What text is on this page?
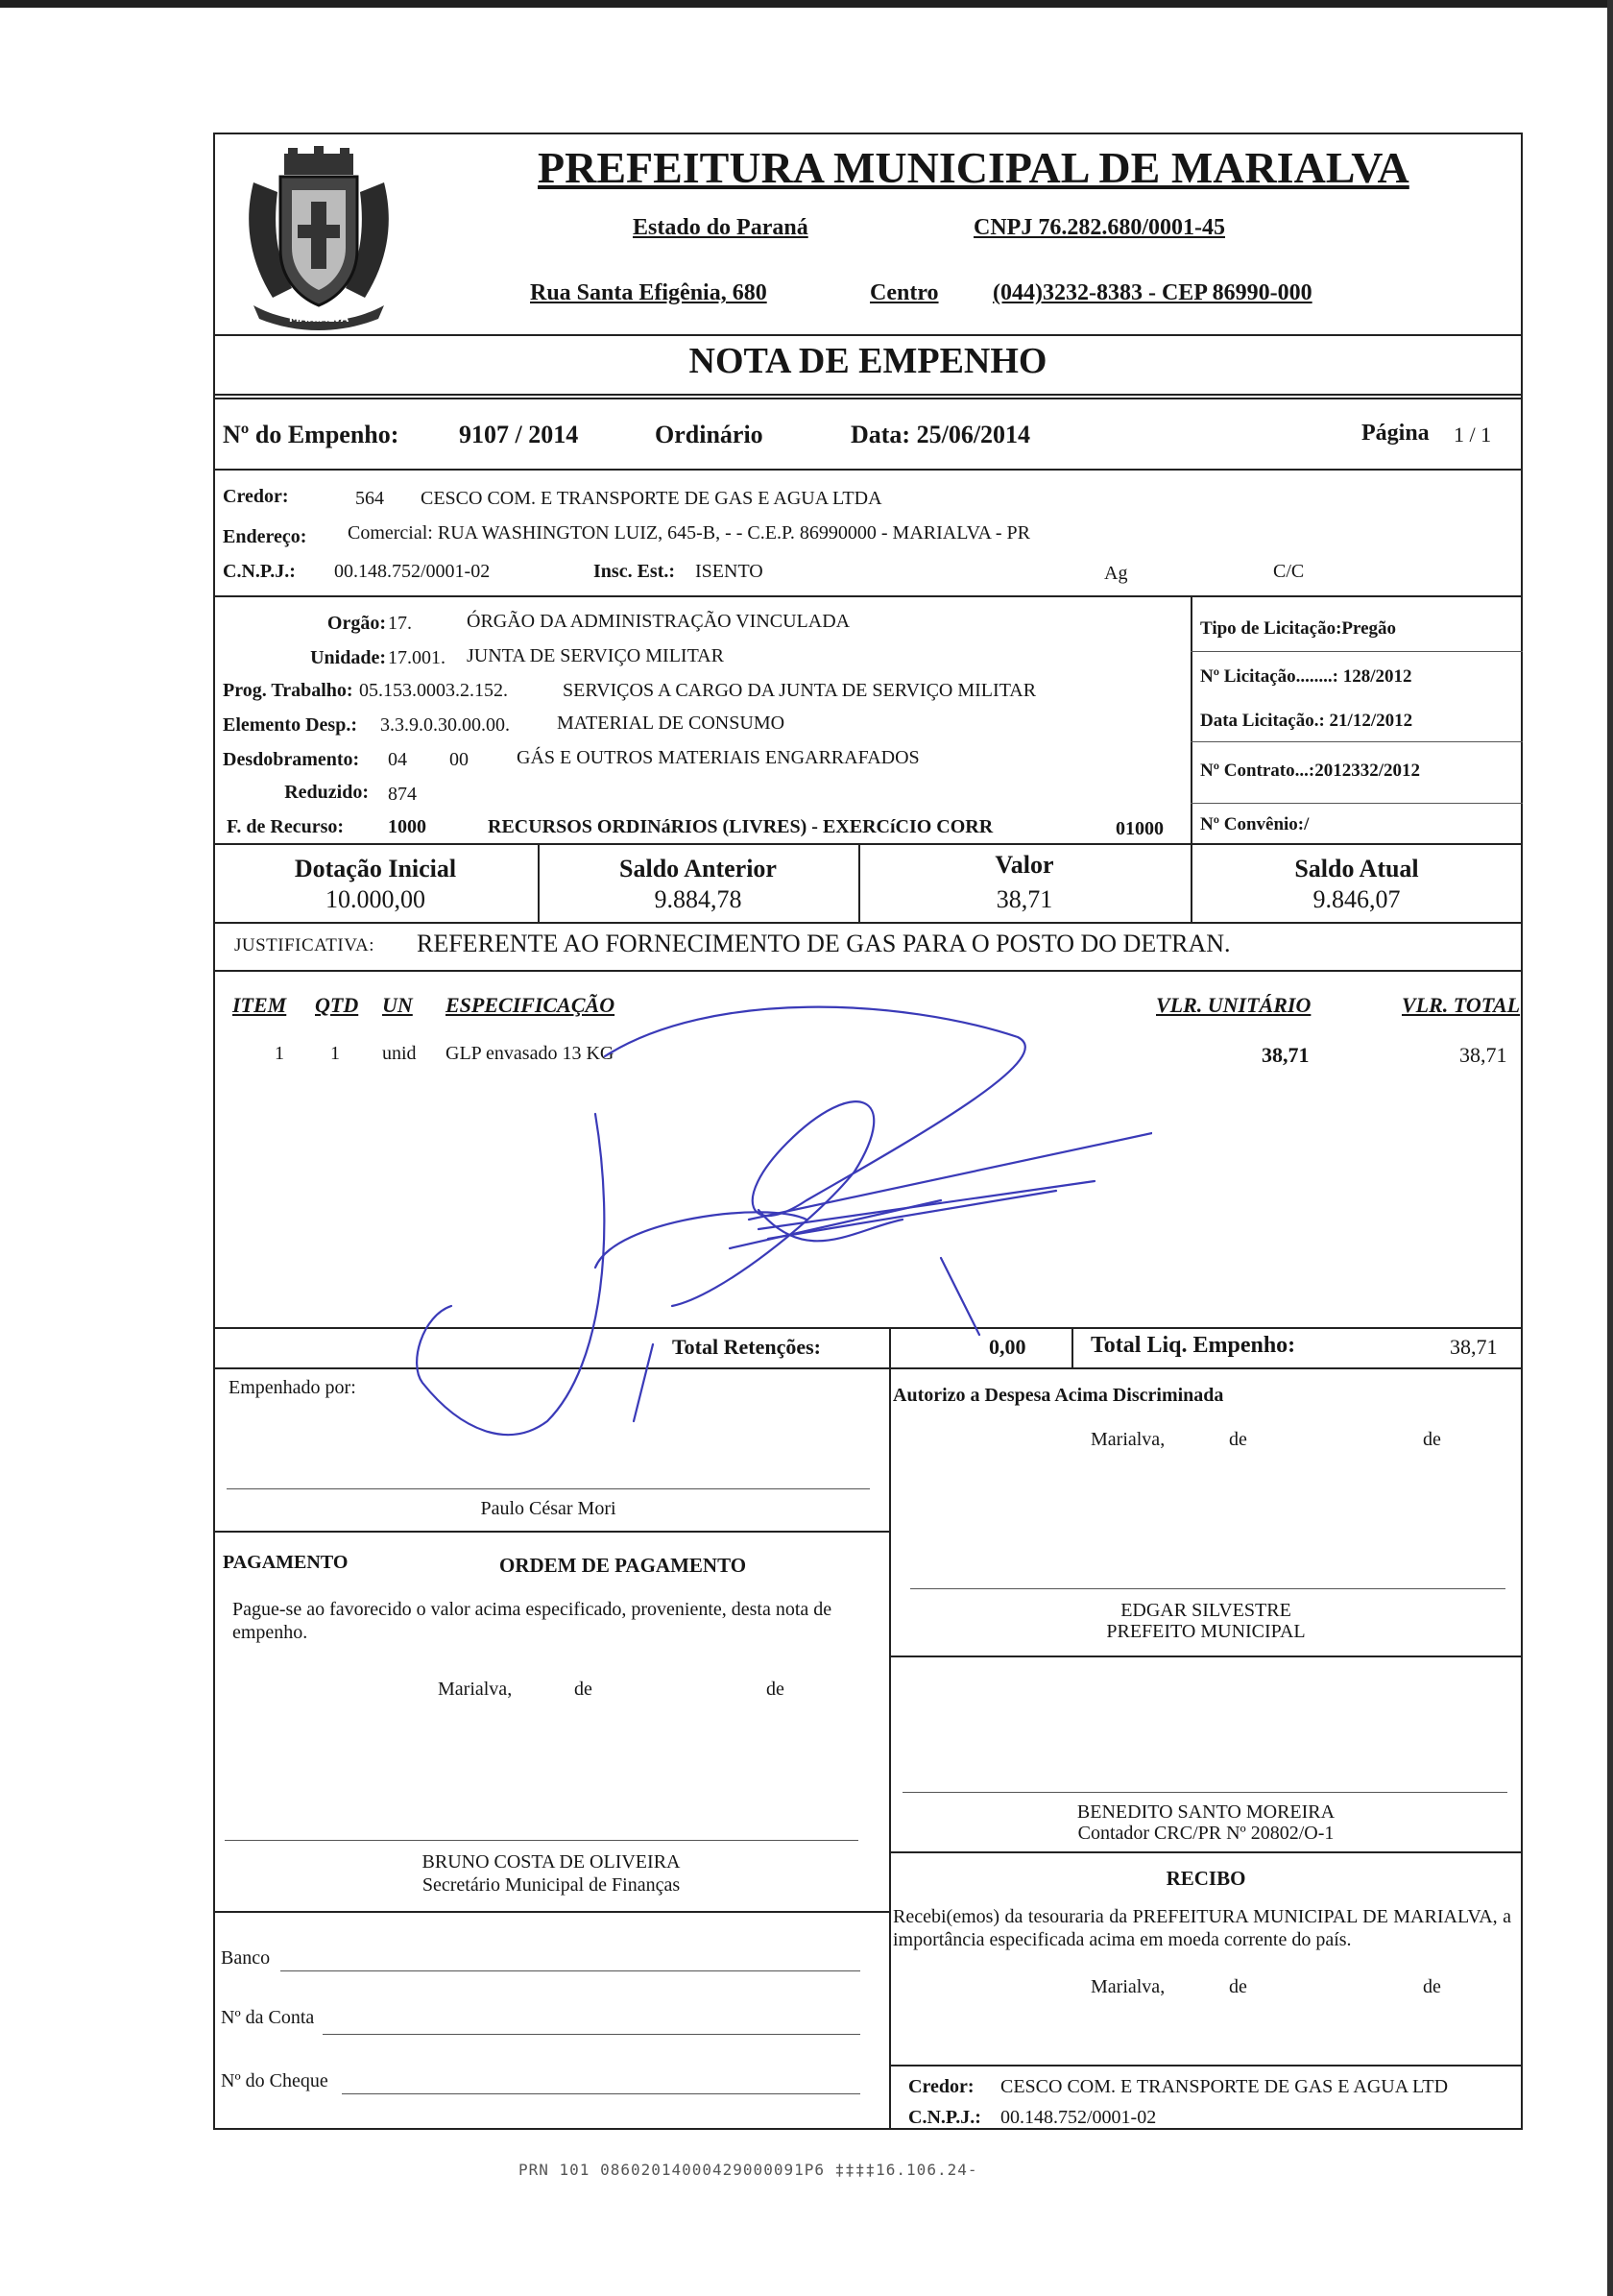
MARIALVA
PREFEITURA MUNICIPAL DE MARIALVA
Estado do Paraná	CNPJ 76.282.680/0001-45
Rua Santa Efigênia, 680	Centro (044)3232-8383 - CEP 86990-000
NOTA DE EMPENHO
Nº do Empenho: 9107 / 2014	Ordinário	Data: 25/06/2014	Página 1 / 1
Credor:	564 CESCO COM. E TRANSPORTE DE GAS E AGUA LTDA
Endereço: Comercial: RUA WASHINGTON LUIZ, 645-B, - - C.E.P. 86990000 - MARIALVA - PR
C.N.P.J.: 00.148.752/0001-02	Insc. Est.: ISENTO	Ag	C/C
Orgão: 17.	ÓRGÃO DA ADMINISTRAÇÃO VINCULADA
Unidade: 17.001. JUNTA DE SERVIÇO MILITAR
Prog. Trabalho: 05.153.0003.2.152.	SERVIÇOS A CARGO DA JUNTA DE SERVIÇO MILITAR
Elemento Desp.: 3.3.9.0.30.00.00. MATERIAL DE CONSUMO
Desdobramento: 04 00	GÁS E OUTROS MATERIAIS ENGARRAFADOS
Reduzido: 874
F. de Recurso: 1000	RECURSOS ORDINáRIOS (LIVRES) - EXERCíCIO CORR	01000
Tipo de Licitação:Pregão
Nº Licitação........: 128/2012
Data Licitação.: 21/12/2012
Nº Contrato...:2012332/2012
Nº Convênio:/
Dotação Inicial
10.000,00
Saldo Anterior
9.884,78
Valor
38,71
Saldo Atual
9.846,07
JUSTIFICATIVA: REFERENTE AO FORNECIMENTO DE GAS PARA O POSTO DO DETRAN.
ITEM QTD UN ESPECIFICAÇÃO	VLR. UNITÁRIO	VLR. TOTAL
1 1 unid GLP envasado 13 KG	38,71	38,71
Total Retenções:	0,00	Total Liq. Empenho:	38,71
Empenhado por:
Paulo César Mori
Autorizo a Despesa Acima Discriminada
Marialva,	de	de
PAGAMENTO	ORDEM DE PAGAMENTO
Pague-se ao favorecido o valor acima especificado, proveniente, desta nota de empenho.
Marialva,	de	de
EDGAR SILVESTRE
PREFEITO MUNICIPAL
BENEDITO SANTO MOREIRA
Contador CRC/PR Nº 20802/O-1
BRUNO COSTA DE OLIVEIRA
Secretário Municipal de Finanças	RECIBO
Recebi(emos) da tesouraria da PREFEITURA MUNICIPAL DE MARIALVA, a importância especificada acima em moeda corrente do país.
Marialva,	de	de
Credor: CESCO COM. E TRANSPORTE DE GAS E AGUA LTD
C.N.P.J.: 00.148.752/0001-02
Banco
Nº da Conta
Nº do Cheque
PRN 101 08602014000429000091P6 ‡‡‡‡16.106.24-
